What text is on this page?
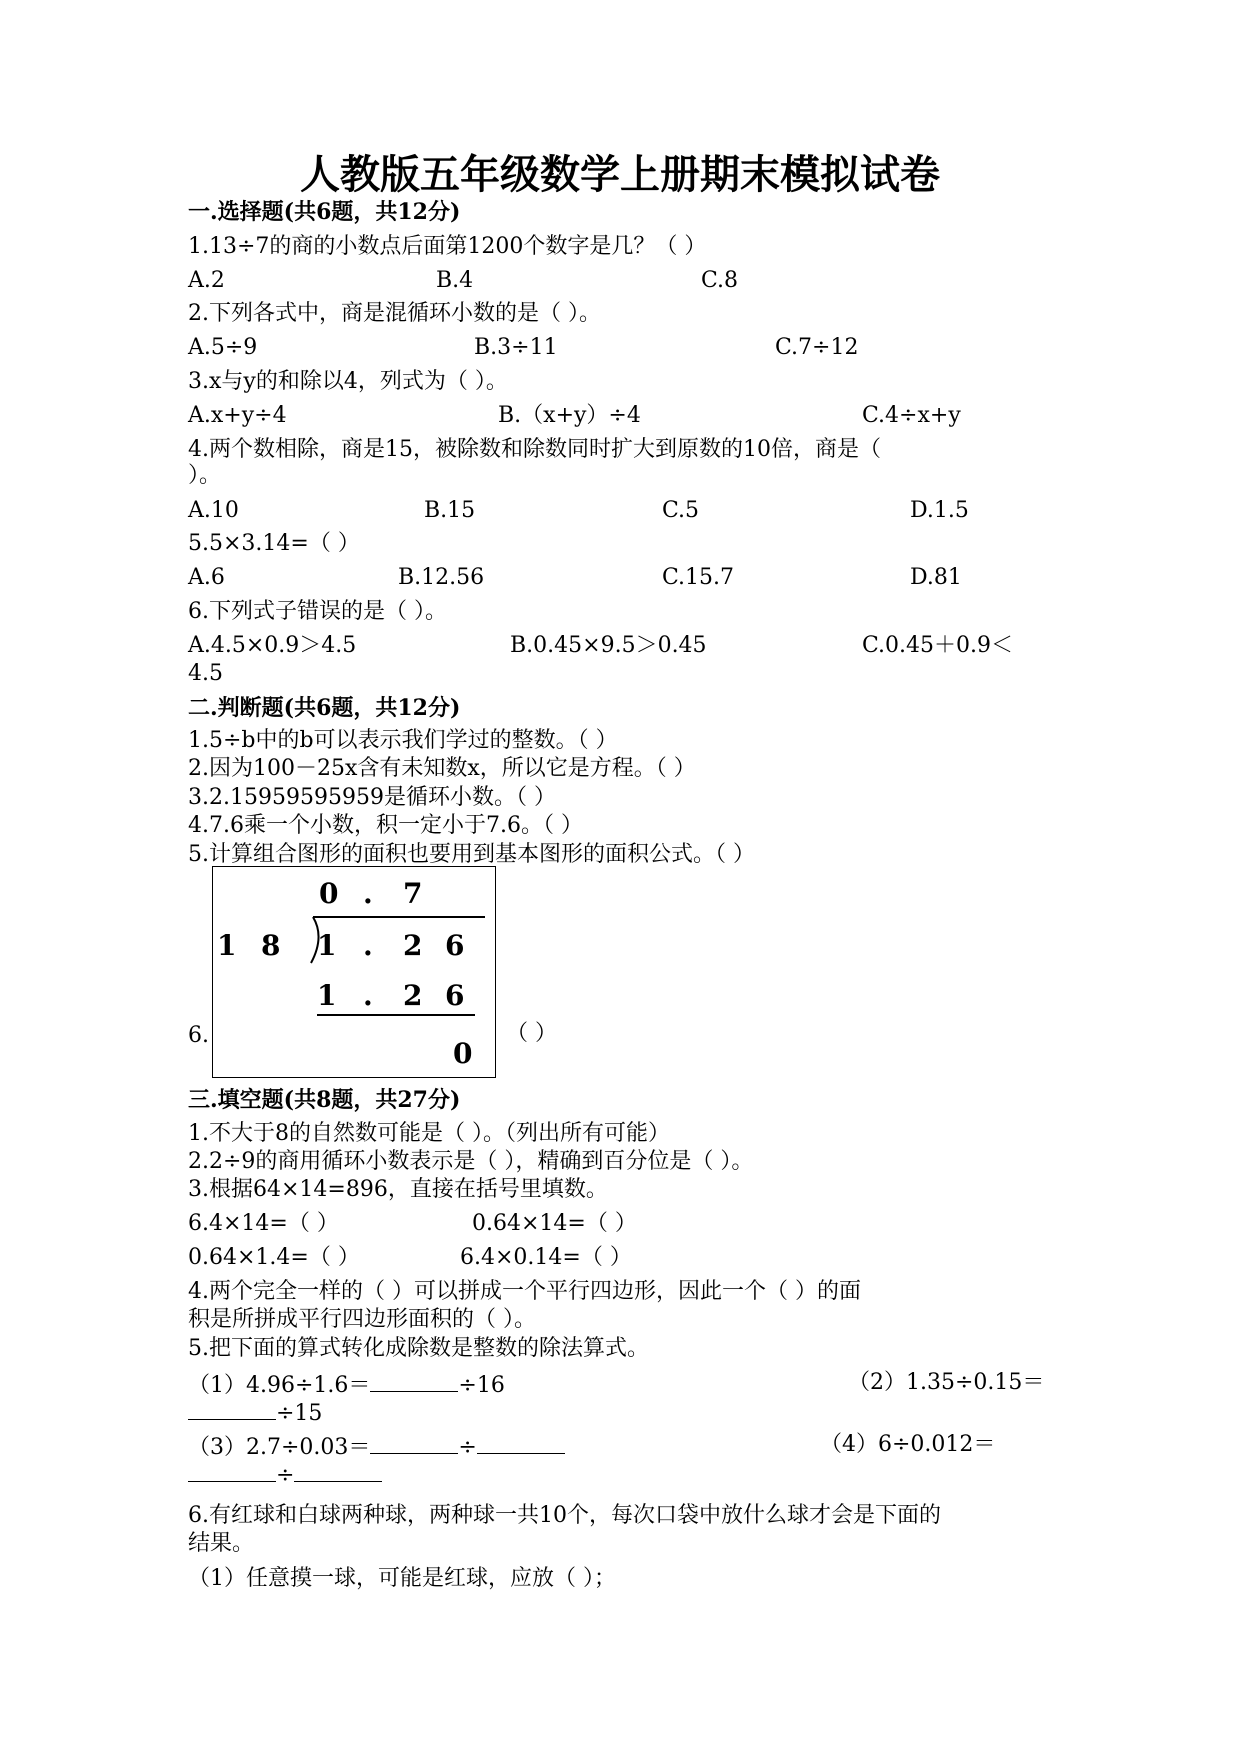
人教版五年级数学上册期末模拟试卷
一.选择题(共6题，共12分)
1.13÷7的商的小数点后面第1200个数字是几？（ ）
A.2	B.4	C.8
2.下列各式中，商是混循环小数的是（ ）。
A.5÷9	B.3÷11	C.7÷12
3.x与y的和除以4，列式为（ ）。
A.x+y÷4	B.（x+y）÷4	C.4÷x+y
4.两个数相除，商是15，被除数和除数同时扩大到原数的10倍，商是（
）。
A.10	B.15	C.5	D.1.5
5.5×3.14=（ ）
A.6	B.12.56	C.15.7	D.81
6.下列式子错误的是（ ）。
A.4.5×0.9＞4.5	B.0.45×9.5＞0.45	C.0.45＋0.9＜
4.5
二.判断题(共6题，共12分)
1.5÷b中的b可以表示我们学过的整数。（ ）
2.因为100－25x含有未知数x，所以它是方程。（ ）
3.2.15959595959是循环小数。（ ）
4.7.6乘一个小数，积一定小于7.6。（ ）
5.计算组合图形的面积也要用到基本图形的面积公式。（ ）
6.
0 . 7
1 8 1 . 2 6
1 . 2 6
0
（ ）
三.填空题(共8题，共27分)
1.不大于8的自然数可能是（ ）。（列出所有可能）
2.2÷9的商用循环小数表示是（ ），精确到百分位是（ ）。
3.根据64×14=896，直接在括号里填数。
6.4×14=（ ）	0.64×14=（ ）
0.64×1.4=（ ）	6.4×0.14=（ ）
4.两个完全一样的（ ）可以拼成一个平行四边形，因此一个（ ）的面
积是所拼成平行四边形面积的（ ）。
5.把下面的算式转化成除数是整数的除法算式。
（1）4.96÷1.6＝	÷16	（2）1.35÷0.15＝
÷15
（3）2.7÷0.03＝	÷	（4）6÷0.012＝
÷
6.有红球和白球两种球，两种球一共10个，每次口袋中放什么球才会是下面的
结果。
（1）任意摸一球，可能是红球，应放（ ）；
